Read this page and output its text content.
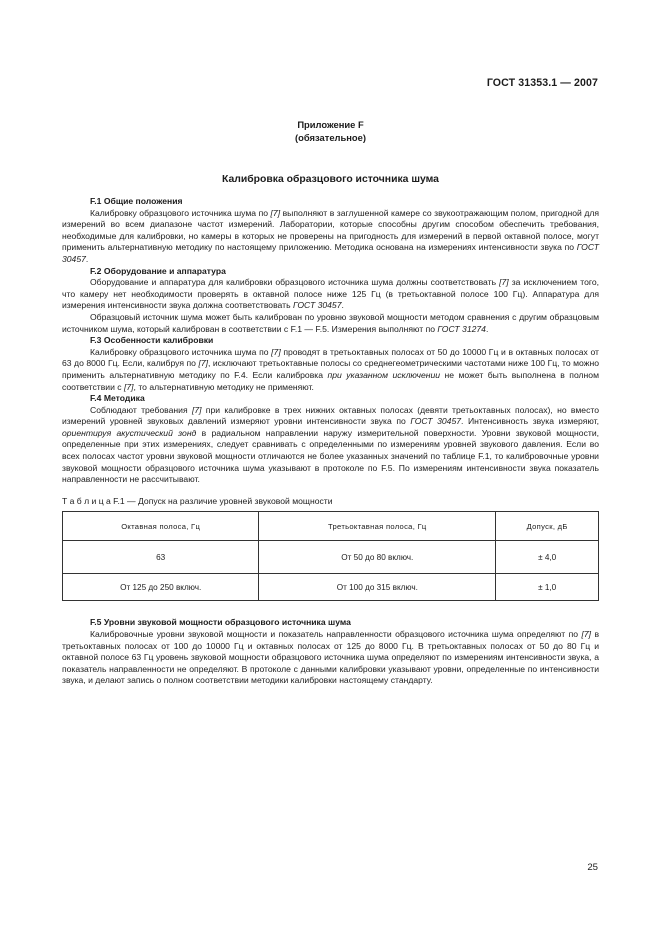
ГОСТ 31353.1 — 2007
Приложение F
(обязательное)
Калибровка образцового источника шума
F.1 Общие положения

Калибровку образцового источника шума по [7] выполняют в заглушенной камере со звукоотражающим полом, пригодной для измерений во всем диапазоне частот измерений. Лаборатории, которые способны другим способом обеспечить требования, необходимые для калибровки, но камеры в которых не проверены на пригодность для измерений в первой октавной полосе, могут применить альтернативную методику по настоящему приложению. Методика основана на измерениях интенсивности звука по ГОСТ 30457.

F.2 Оборудование и аппаратура

Оборудование и аппаратура для калибровки образцового источника шума должны соответствовать [7] за исключением того, что камеру нет необходимости проверять в октавной полосе ниже 125 Гц (в третьоктавной полосе 100 Гц). Аппаратура для измерения интенсивности звука должна соответствовать ГОСТ 30457.

Образцовый источник шума может быть калиброван по уровню звуковой мощности методом сравнения с другим образцовым источником шума, который калиброван в соответствии с F.1 — F.5. Измерения выполняют по ГОСТ 31274.

F.3 Особенности калибровки

Калибровку образцового источника шума по [7] проводят в третьоктавных полосах от 50 до 10000 Гц и в октавных полосах от 63 до 8000 Гц. Если, калибруя по [7], исключают третьоктавные полосы со среднегеометрическими частотами ниже 100 Гц, то можно применить альтернативную методику по F.4. Если калибровка при указанном исключении не может быть выполнена в полном соответствии с [7], то альтернативную методику не применяют.

F.4 Методика

Соблюдают требования [7] при калибровке в трех нижних октавных полосах (девяти третьоктавных полосах), но вместо измерений уровней звуковых давлений измеряют уровни интенсивности звука по ГОСТ 30457. Интенсивность звука измеряют, ориентируя акустический зонд в радиальном направлении наружу измерительной поверхности. Уровни звуковой мощности, определенные при этих измерениях, следует сравнивать с определенными по измерениям уровней звукового давления. Если во всех полосах частот уровни звуковой мощности отличаются не более указанных значений по таблице F.1, то калибровочные уровни звуковой мощности образцового источника шума указывают в протоколе по F.5. По измерениям интенсивности звука показатель направленности не рассчитывают.

Т а б л и ц а F.1 — Допуск на различие уровней звуковой мощности
Октавная полоса, Гц	Третьоктавная полоса, Гц	Допуск, дБ
63	От 50 до 80 включ.	± 4,0
От 125 до 250 включ.	От 100 до 315 включ.	± 1,0
F.5 Уровни звуковой мощности образцового источника шума

Калибровочные уровни звуковой мощности и показатель направленности образцового источника шума определяют по [7] в третьоктавных полосах от 100 до 10000 Гц и октавных полосах от 125 до 8000 Гц. В третьоктавных полосах от 50 до 80 Гц и октавной полосе 63 Гц уровень звуковой мощности образцового источника шума определяют по измерениям интенсивности звука, а показатель направленности не определяют. В протоколе с данными калибровки указывают уровни, определенные по интенсивности звука, и делают запись о полном соответствии методики калибровки настоящему стандарту.

25
